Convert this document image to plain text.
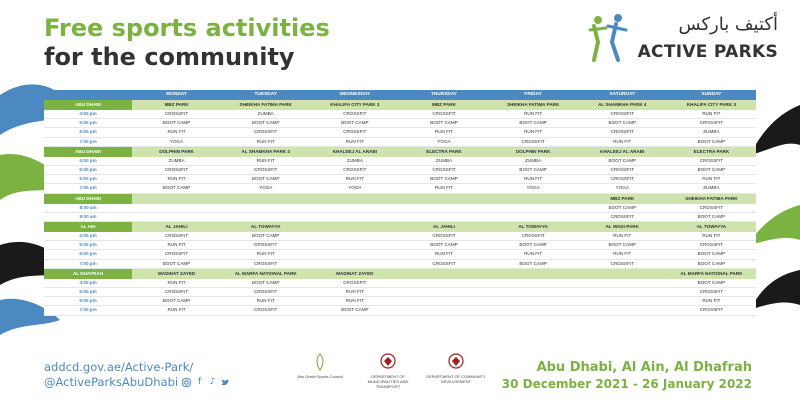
Free sports activities
for the community
أكتيف باركس
ACTIVE PARKS
	MONDAY	TUESDAY	WEDNESDAY	THURSDAY	FRIDAY	SATURDAY	SUNDAY
ABU DHABI	MBZ PARK	SHEIKHA FATIMA PARK	KHALIFA CITY PARK 3	MBZ PARK	SHEIKHA FATIMA PARK	AL SHAMKHA PARK 4	KHALIFA CITY PARK 3
4:00 pm	CROSSFIT	ZUMBA	CROSSFIT	CROSSFIT	RUN FIT	CROSSFIT	RUN FIT
5:00 pm	BOOT CAMP	BOOT CAMP	BOOT CAMP	BOOT CAMP	BOOT CAMP	BOOT CAMP	CROSSFIT
6:00 pm	RUN FIT	CROSSFIT	CROSSFIT	RUN FIT	RUN FIT	CROSSFIT	ZUMBA
7:00 pm	YOGA	RUN FIT	RUN FIT	YOGA	CROSSFIT	RUN FIT	BOOT CAMP
ABU DHABI	DOLPHIN PARK	AL SHAMKHA PARK 4	KHALEEJ AL ARABI	ELECTRA PARK	DOLPHIN PARK	KHALEEJ AL ARABI	ELECTRA PARK
4:00 pm	ZUMBA	RUN FIT	ZUMBA	ZUMBA	ZUMBA	BOOT CAMP	CROSSFIT
5:00 pm	CROSSFIT	CROSSFIT	CROSSFIT	CROSSFIT	BOOT CAMP	CROSSFIT	BOOT CAMP
6:00 pm	RUN FIT	BOOT CAMP	RUN FIT	BOOT CAMP	RUN FIT	CROSSFIT	RUN FIT
7:00 pm	BOOT CAMP	YOGA	YOGA	RUN FIT	YOGA	YOGA	ZUMBA
ABU DHABI						MBZ PARK	SHEIKHA FATIMA PARK
8:00 am						BOOT CAMP	CROSSFIT
9:00 am						CROSSFIT	BOOT CAMP
AL AIN	AL JAHILI	AL TOWAYYA		AL JAHILI	AL TOWAYYA	AL WADI PARK	AL TOWAYYA
4:00 pm	CROSSFIT	BOOT CAMP		CROSSFIT	CROSSFIT	RUN FIT	RUN FIT
5:00 pm	RUN FIT	CROSSFIT		BOOT CAMP	BOOT CAMP	BOOT CAMP	CROSSFIT
6:00 pm	CROSSFIT	RUN FIT		RUN FIT	RUN FIT	RUN FIT	BOOT CAMP
7:00 pm	BOOT CAMP	CROSSFIT		CROSSFIT	BOOT CAMP	CROSSFIT	BOOT CAMP
AL DHAFRAH	MADINAT ZAYED	AL MARFA NATIONAL PARK	MADINAT ZAYED				AL MARFA NATIONAL PARK
4:00 pm	RUN FIT	BOOT CAMP	CROSSFIT				BOOT CAMP
5:00 pm	CROSSFIT	CROSSFIT	RUN FIT				CROSSFIT
6:00 pm	BOOT CAMP	RUN FIT	RUN FIT				RUN FIT
7:00 pm	RUN FIT	CROSSFIT	BOOT CAMP				CROSSFIT
addcd.gov.ae/Active-Park/
@ActiveParksAbuDhabi	f ♪
Abu Dhabi Sports Council	DEPARTMENT OF MUNICIPALITIES AND TRANSPORT
DEPARTMENT OF COMMUNITY DEVELOPMENT
Abu Dhabi, Al Ain, Al Dhafrah
30 December 2021 - 26 January 2022
